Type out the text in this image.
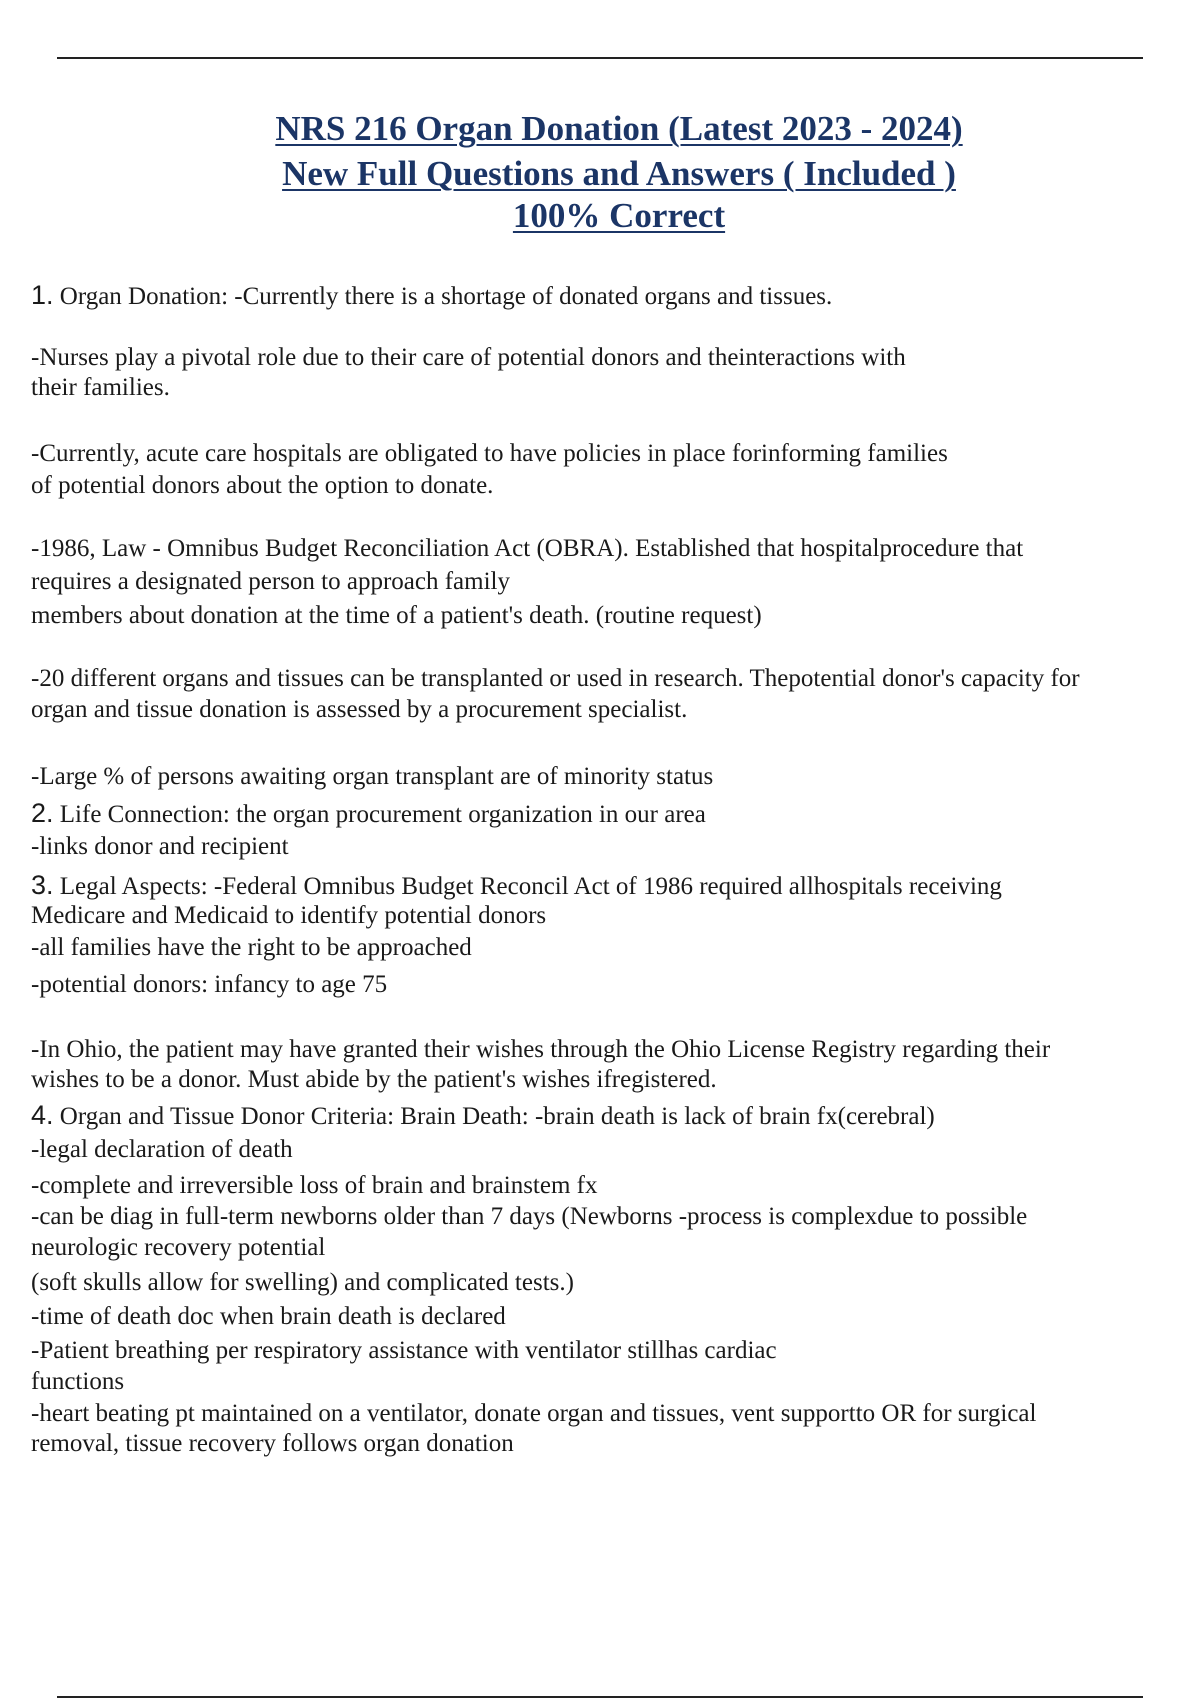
NRS 216 Organ Donation (Latest 2023 - 2024)
New Full Questions and Answers ( Included )
100% Correct
1. Organ Donation: -Currently there is a shortage of donated organs and tissues.
-Nurses play a pivotal role due to their care of potential donors and theinteractions with
their families.
-Currently, acute care hospitals are obligated to have policies in place forinforming families
of potential donors about the option to donate.
-1986, Law - Omnibus Budget Reconciliation Act (OBRA). Established that hospitalprocedure that
requires a designated person to approach family
members about donation at the time of a patient's death. (routine request)
-20 different organs and tissues can be transplanted or used in research. Thepotential donor's capacity for
organ and tissue donation is assessed by a procurement specialist.
-Large % of persons awaiting organ transplant are of minority status
2. Life Connection: the organ procurement organization in our area
-links donor and recipient
3. Legal Aspects: -Federal Omnibus Budget Reconcil Act of 1986 required allhospitals receiving
Medicare and Medicaid to identify potential donors
-all families have the right to be approached
-potential donors: infancy to age 75
-In Ohio, the patient may have granted their wishes through the Ohio License Registry regarding their
wishes to be a donor. Must abide by the patient's wishes ifregistered.
4. Organ and Tissue Donor Criteria: Brain Death: -brain death is lack of brain fx(cerebral)
-legal declaration of death
-complete and irreversible loss of brain and brainstem fx
-can be diag in full-term newborns older than 7 days (Newborns -process is complexdue to possible
neurologic recovery potential
(soft skulls allow for swelling) and complicated tests.)
-time of death doc when brain death is declared
-Patient breathing per respiratory assistance with ventilator stillhas cardiac
functions
-heart beating pt maintained on a ventilator, donate organ and tissues, vent supportto OR for surgical
removal, tissue recovery follows organ donation
